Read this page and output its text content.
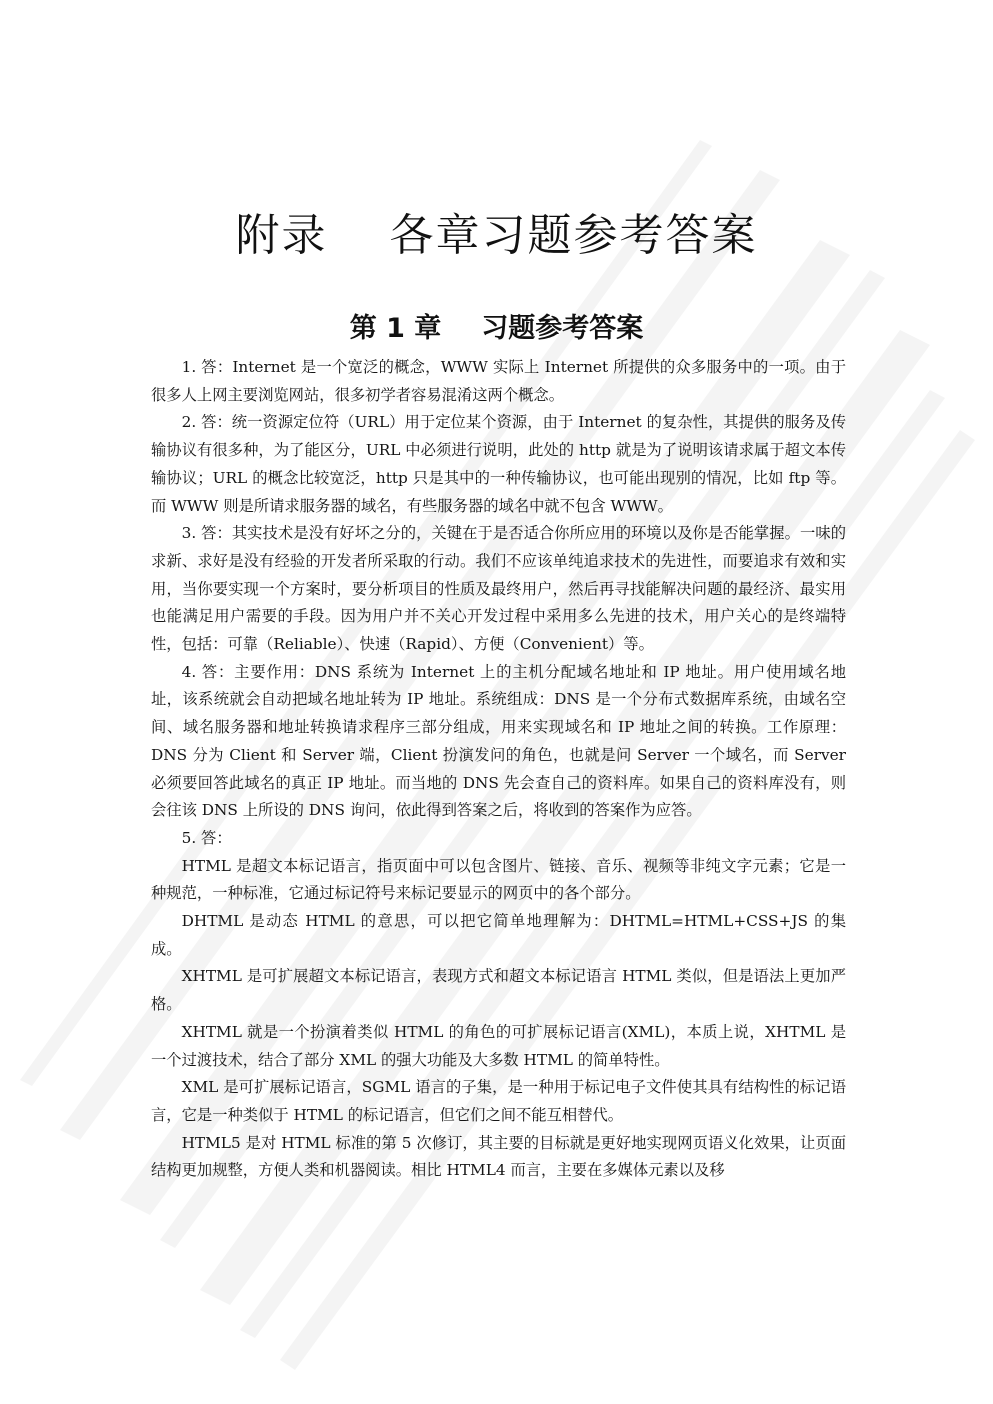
附录 各章习题参考答案
第 1 章 习题参考答案

1. 答：Internet 是一个宽泛的概念，WWW 实际上 Internet 所提供的众多服务中的一项。由于很多人上网主要浏览网站，很多初学者容易混淆这两个概念。

2. 答：统一资源定位符（URL）用于定位某个资源，由于 Internet 的复杂性，其提供的服务及传输协议有很多种，为了能区分，URL 中必须进行说明，此处的 http 就是为了说明该请求属于超文本传输协议；URL 的概念比较宽泛，http 只是其中的一种传输协议，也可能出现别的情况，比如 ftp 等。而 WWW 则是所请求服务器的域名，有些服务器的域名中就不包含 WWW。

3. 答：其实技术是没有好坏之分的，关键在于是否适合你所应用的环境以及你是否能掌握。一味的求新、求好是没有经验的开发者所采取的行动。我们不应该单纯追求技术的先进性，而要追求有效和实用，当你要实现一个方案时，要分析项目的性质及最终用户，然后再寻找能解决问题的最经济、最实用也能满足用户需要的手段。因为用户并不关心开发过程中采用多么先进的技术，用户关心的是终端特性，包括：可靠（Reliable）、快速（Rapid）、方便（Convenient）等。

4. 答：主要作用：DNS 系统为 Internet 上的主机分配域名地址和 IP 地址。用户使用域名地址，该系统就会自动把域名地址转为 IP 地址。系统组成：DNS 是一个分布式数据库系统，由域名空间、域名服务器和地址转换请求程序三部分组成，用来实现域名和 IP 地址之间的转换。工作原理：DNS 分为 Client 和 Server 端，Client 扮演发问的角色，也就是问 Server 一个域名，而 Server 必须要回答此域名的真正 IP 地址。而当地的 DNS 先会查自己的资料库。如果自己的资料库没有，则会往该 DNS 上所设的 DNS 询问，依此得到答案之后，将收到的答案作为应答。

5. 答：

HTML 是超文本标记语言，指页面中可以包含图片、链接、音乐、视频等非纯文字元素；它是一种规范，一种标准，它通过标记符号来标记要显示的网页中的各个部分。

DHTML 是动态 HTML 的意思，可以把它简单地理解为：DHTML=HTML+CSS+JS 的集成。

XHTML 是可扩展超文本标记语言，表现方式和超文本标记语言 HTML 类似，但是语法上更加严格。

XHTML 就是一个扮演着类似 HTML 的角色的可扩展标记语言(XML)，本质上说，XHTML 是一个过渡技术，结合了部分 XML 的强大功能及大多数 HTML 的简单特性。

XML 是可扩展标记语言，SGML 语言的子集，是一种用于标记电子文件使其具有结构性的标记语言，它是一种类似于 HTML 的标记语言，但它们之间不能互相替代。

HTML5 是对 HTML 标准的第 5 次修订，其主要的目标就是更好地实现网页语义化效果，让页面结构更加规整，方便人类和机器阅读。相比 HTML4 而言，主要在多媒体元素以及移
